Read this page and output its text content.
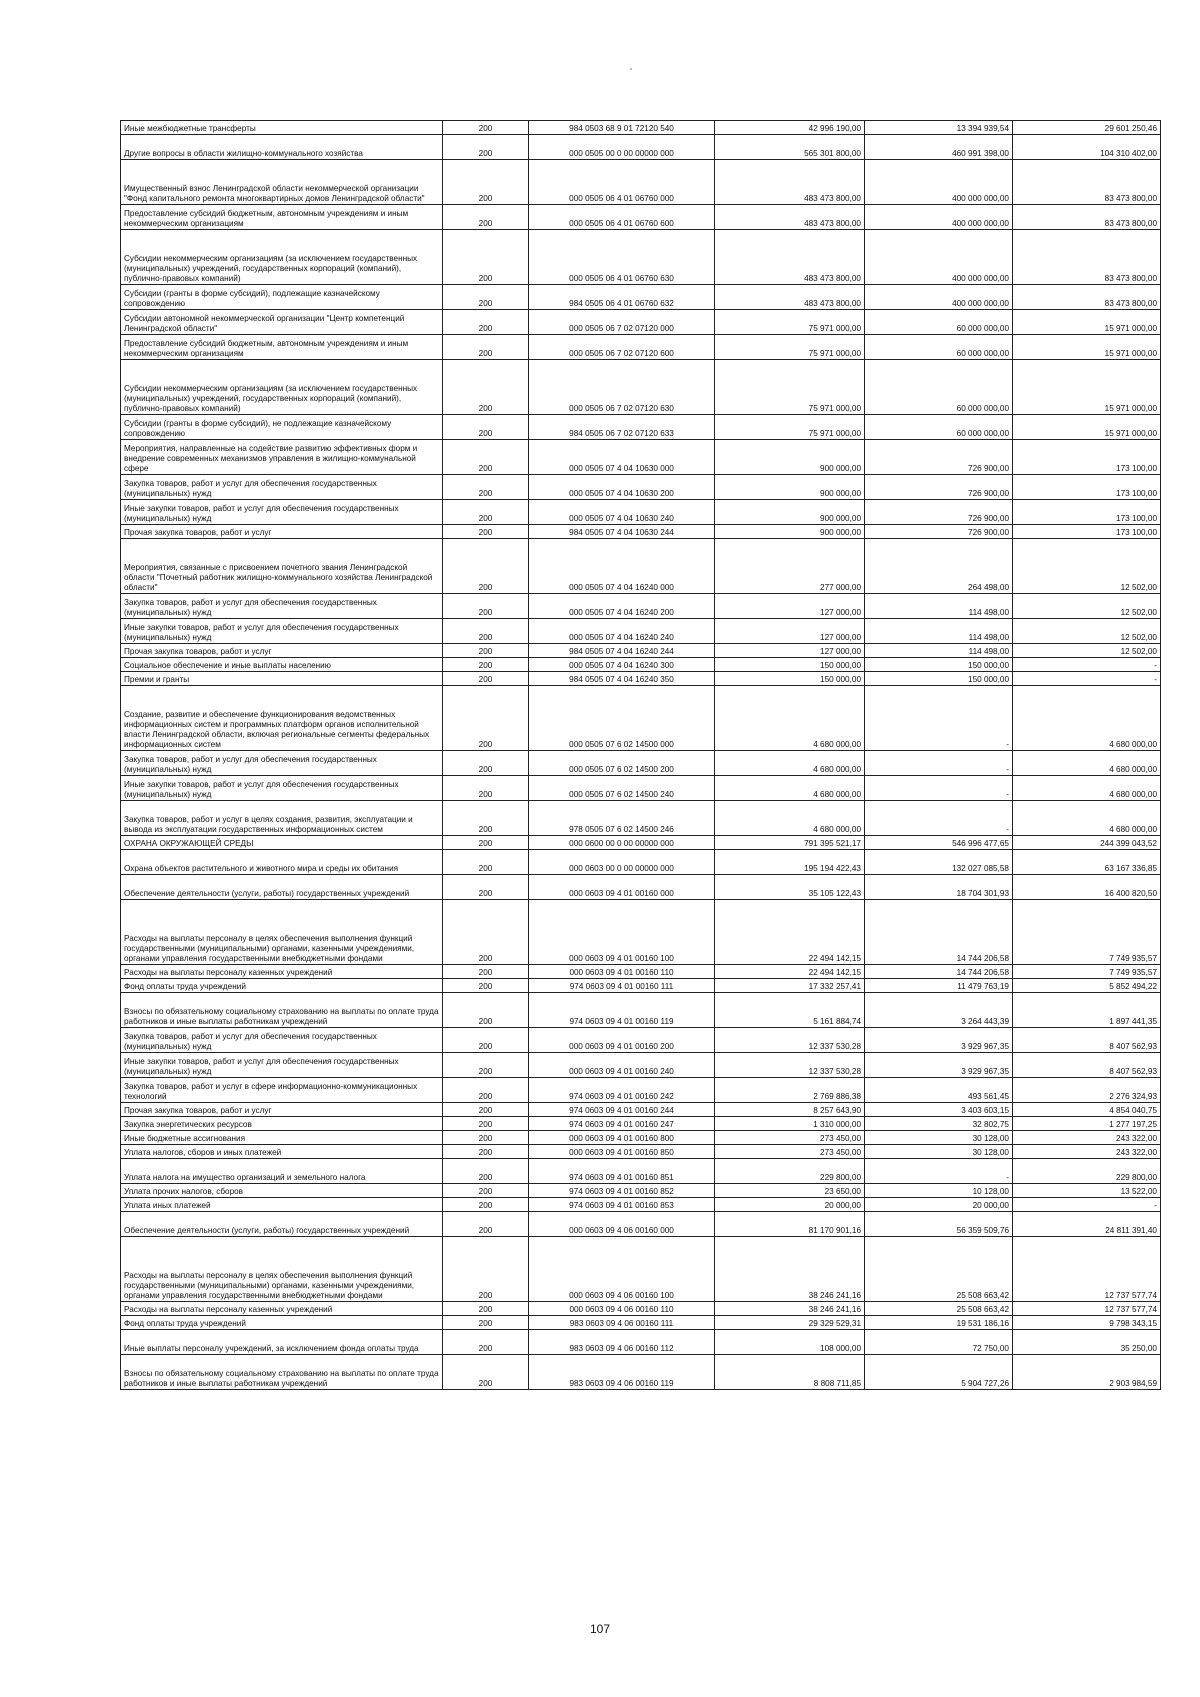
Иные межбюджетные трансферты	200	984 0503 68 9 01 72120 540	42 996 190,00	13 394 939,54	29 601 250,46
Другие вопросы в области жилищно-коммунального хозяйства	200	000 0505 00 0 00 00000 000	565 301 800,00	460 991 398,00	104 310 402,00
Имущественный взнос Ленинградской области некоммерческой организации "Фонд капитального ремонта многоквартирных домов Ленинградской области"	200	000 0505 06 4 01 06760 000	483 473 800,00	400 000 000,00	83 473 800,00
Предоставление субсидий бюджетным, автономным учреждениям и иным некоммерческим организациям	200	000 0505 06 4 01 06760 600	483 473 800,00	400 000 000,00	83 473 800,00
Субсидии некоммерческим организациям (за исключением государственных (муниципальных) учреждений, государственных корпораций (компаний), публично-правовых компаний)	200	000 0505 06 4 01 06760 630	483 473 800,00	400 000 000,00	83 473 800,00
Субсидии (гранты в форме субсидий), подлежащие казначейскому сопровождению	200	984 0505 06 4 01 06760 632	483 473 800,00	400 000 000,00	83 473 800,00
Субсидии автономной некоммерческой организации "Центр компетенций Ленинградской области"	200	000 0505 06 7 02 07120 000	75 971 000,00	60 000 000,00	15 971 000,00
Предоставление субсидий бюджетным, автономным учреждениям и иным некоммерческим организациям	200	000 0505 06 7 02 07120 600	75 971 000,00	60 000 000,00	15 971 000,00
Субсидии некоммерческим организациям (за исключением государственных (муниципальных) учреждений, государственных корпораций (компаний), публично-правовых компаний)	200	000 0505 06 7 02 07120 630	75 971 000,00	60 000 000,00	15 971 000,00
Субсидии (гранты в форме субсидий), не подлежащие казначейскому сопровождению	200	984 0505 06 7 02 07120 633	75 971 000,00	60 000 000,00	15 971 000,00
Мероприятия, направленные на содействие развитию эффективных форм и внедрение современных механизмов управления в жилищно-коммунальной сфере	200	000 0505 07 4 04 10630 000	900 000,00	726 900,00	173 100,00
Закупка товаров, работ и услуг для обеспечения государственных (муниципальных) нужд	200	000 0505 07 4 04 10630 200	900 000,00	726 900,00	173 100,00
Иные закупки товаров, работ и услуг для обеспечения государственных (муниципальных) нужд	200	000 0505 07 4 04 10630 240	900 000,00	726 900,00	173 100,00
Прочая закупка товаров, работ и услуг	200	984 0505 07 4 04 10630 244	900 000,00	726 900,00	173 100,00
Мероприятия, связанные с присвоением почетного звания Ленинградской области "Почетный работник жилищно-коммунального хозяйства Ленинградской области"	200	000 0505 07 4 04 16240 000	277 000,00	264 498,00	12 502,00
Закупка товаров, работ и услуг для обеспечения государственных (муниципальных) нужд	200	000 0505 07 4 04 16240 200	127 000,00	114 498,00	12 502,00
Иные закупки товаров, работ и услуг для обеспечения государственных (муниципальных) нужд	200	000 0505 07 4 04 16240 240	127 000,00	114 498,00	12 502,00
Прочая закупка товаров, работ и услуг	200	984 0505 07 4 04 16240 244	127 000,00	114 498,00	12 502,00
Социальное обеспечение и иные выплаты населению	200	000 0505 07 4 04 16240 300	150 000,00	150 000,00	-
Премии и гранты	200	984 0505 07 4 04 16240 350	150 000,00	150 000,00	-
Создание, развитие и обеспечение функционирования ведомственных информационных систем и программных платформ органов исполнительной власти Ленинградской области, включая региональные сегменты федеральных информационных систем	200	000 0505 07 6 02 14500 000	4 680 000,00	-	4 680 000,00
Закупка товаров, работ и услуг для обеспечения государственных (муниципальных) нужд	200	000 0505 07 6 02 14500 200	4 680 000,00	-	4 680 000,00
Иные закупки товаров, работ и услуг для обеспечения государственных (муниципальных) нужд	200	000 0505 07 6 02 14500 240	4 680 000,00	-	4 680 000,00
Закупка товаров, работ и услуг в целях создания, развития, эксплуатации и вывода из эксплуатации государственных информационных систем	200	978 0505 07 6 02 14500 246	4 680 000,00	-	4 680 000,00
ОХРАНА ОКРУЖАЮЩЕЙ СРЕДЫ	200	000 0600 00 0 00 00000 000	791 395 521,17	546 996 477,65	244 399 043,52
Охрана объектов растительного и животного мира и среды их обитания	200	000 0603 00 0 00 00000 000	195 194 422,43	132 027 085,58	63 167 336,85
Обеспечение деятельности (услуги, работы) государственных учреждений	200	000 0603 09 4 01 00160 000	35 105 122,43	18 704 301,93	16 400 820,50
Расходы на выплаты персоналу в целях обеспечения выполнения функций государственными (муниципальными) органами, казенными учреждениями, органами управления государственными внебюджетными фондами	200	000 0603 09 4 01 00160 100	22 494 142,15	14 744 206,58	7 749 935,57
Расходы на выплаты персоналу казенных учреждений	200	000 0603 09 4 01 00160 110	22 494 142,15	14 744 206,58	7 749 935,57
Фонд оплаты труда учреждений	200	974 0603 09 4 01 00160 111	17 332 257,41	11 479 763,19	5 852 494,22
Взносы по обязательному социальному страхованию на выплаты по оплате труда работников и иные выплаты работникам учреждений	200	974 0603 09 4 01 00160 119	5 161 884,74	3 264 443,39	1 897 441,35
Закупка товаров, работ и услуг для обеспечения государственных (муниципальных) нужд	200	000 0603 09 4 01 00160 200	12 337 530,28	3 929 967,35	8 407 562,93
Иные закупки товаров, работ и услуг для обеспечения государственных (муниципальных) нужд	200	000 0603 09 4 01 00160 240	12 337 530,28	3 929 967,35	8 407 562,93
Закупка товаров, работ и услуг в сфере информационно-коммуникационных технологий	200	974 0603 09 4 01 00160 242	2 769 886,38	493 561,45	2 276 324,93
Прочая закупка товаров, работ и услуг	200	974 0603 09 4 01 00160 244	8 257 643,90	3 403 603,15	4 854 040,75
Закупка энергетических ресурсов	200	974 0603 09 4 01 00160 247	1 310 000,00	32 802,75	1 277 197,25
Иные бюджетные ассигнования	200	000 0603 09 4 01 00160 800	273 450,00	30 128,00	243 322,00
Уплата налогов, сборов и иных платежей	200	000 0603 09 4 01 00160 850	273 450,00	30 128,00	243 322,00
Уплата налога на имущество организаций и земельного налога	200	974 0603 09 4 01 00160 851	229 800,00	-	229 800,00
Уплата прочих налогов, сборов	200	974 0603 09 4 01 00160 852	23 650,00	10 128,00	13 522,00
Уплата иных платежей	200	974 0603 09 4 01 00160 853	20 000,00	20 000,00	-
Обеспечение деятельности (услуги, работы) государственных учреждений	200	000 0603 09 4 06 00160 000	81 170 901,16	56 359 509,76	24 811 391,40
Расходы на выплаты персоналу в целях обеспечения выполнения функций государственными (муниципальными) органами, казенными учреждениями, органами управления государственными внебюджетными фондами	200	000 0603 09 4 06 00160 100	38 246 241,16	25 508 663,42	12 737 577,74
Расходы на выплаты персоналу казенных учреждений	200	000 0603 09 4 06 00160 110	38 246 241,16	25 508 663,42	12 737 577,74
Фонд оплаты труда учреждений	200	983 0603 09 4 06 00160 111	29 329 529,31	19 531 186,16	9 798 343,15
Иные выплаты персоналу учреждений, за исключением фонда оплаты труда	200	983 0603 09 4 06 00160 112	108 000,00	72 750,00	35 250,00
Взносы по обязательному социальному страхованию на выплаты по оплате труда работников и иные выплаты работникам учреждений	200	983 0603 09 4 06 00160 119	8 808 711,85	5 904 727,26	2 903 984,59
107
